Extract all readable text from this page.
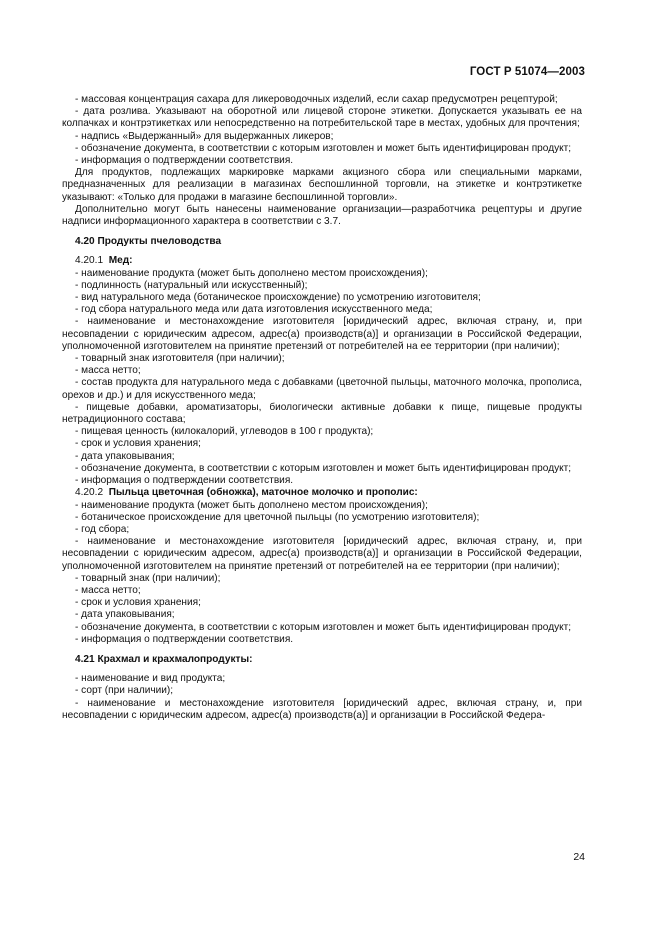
ГОСТ Р 51074—2003

- массовая концентрация сахара для ликероводочных изделий, если сахар предусмотрен рецептурой;

- дата розлива. Указывают на оборотной или лицевой стороне этикетки. Допускается указывать ее на колпачках и контрэтикетках или непосредственно на потребительской таре в местах, удобных для прочтения;

- надпись «Выдержанный» для выдержанных ликеров;

- обозначение документа, в соответствии с которым изготовлен и может быть идентифицирован продукт;

- информация о подтверждении соответствия.

Для продуктов, подлежащих маркировке марками акцизного сбора или специальными марками, предназначенных для реализации в магазинах беспошлинной торговли, на этикетке и контрэтикетке указывают: «Только для продажи в магазине беспошлинной торговли».

Дополнительно могут быть нанесены наименование организации—разработчика рецептуры и другие надписи информационного характера в соответствии с 3.7.

4.20 Продукты пчеловодства

4.20.1 Мед:

- наименование продукта (может быть дополнено местом происхождения);

- подлинность (натуральный или искусственный);

- вид натурального меда (ботаническое происхождение) по усмотрению изготовителя;

- год сбора натурального меда или дата изготовления искусственного меда;

- наименование и местонахождение изготовителя [юридический адрес, включая страну, и, при несовпадении с юридическим адресом, адрес(а) производств(а)] и организации в Российской Федерации, уполномоченной изготовителем на принятие претензий от потребителей на ее территории (при наличии);

- товарный знак изготовителя (при наличии);

- масса нетто;

- состав продукта для натурального меда с добавками (цветочной пыльцы, маточного молочка, прополиса, орехов и др.) и для искусственного меда;

- пищевые добавки, ароматизаторы, биологически активные добавки к пище, пищевые продукты нетрадиционного состава;

- пищевая ценность (килокалорий, углеводов в 100 г продукта);

- срок и условия хранения;

- дата упаковывания;

- обозначение документа, в соответствии с которым изготовлен и может быть идентифицирован продукт;

- информация о подтверждении соответствия.

4.20.2 Пыльца цветочная (обножка), маточное молочко и прополис:

- наименование продукта (может быть дополнено местом происхождения);

- ботаническое происхождение для цветочной пыльцы (по усмотрению изготовителя);

- год сбора;

- наименование и местонахождение изготовителя [юридический адрес, включая страну, и, при несовпадении с юридическим адресом, адрес(а) производств(а)] и организации в Российской Федерации, уполномоченной изготовителем на принятие претензий от потребителей на ее территории (при наличии);

- товарный знак (при наличии);

- масса нетто;

- срок и условия хранения;

- дата упаковывания;

- обозначение документа, в соответствии с которым изготовлен и может быть идентифицирован продукт;

- информация о подтверждении соответствия.

4.21 Крахмал и крахмалопродукты:

- наименование и вид продукта;

- сорт (при наличии);

- наименование и местонахождение изготовителя [юридический адрес, включая страну, и, при несовпадении с юридическим адресом, адрес(а) производств(а)] и организации в Российской Федера-

24
